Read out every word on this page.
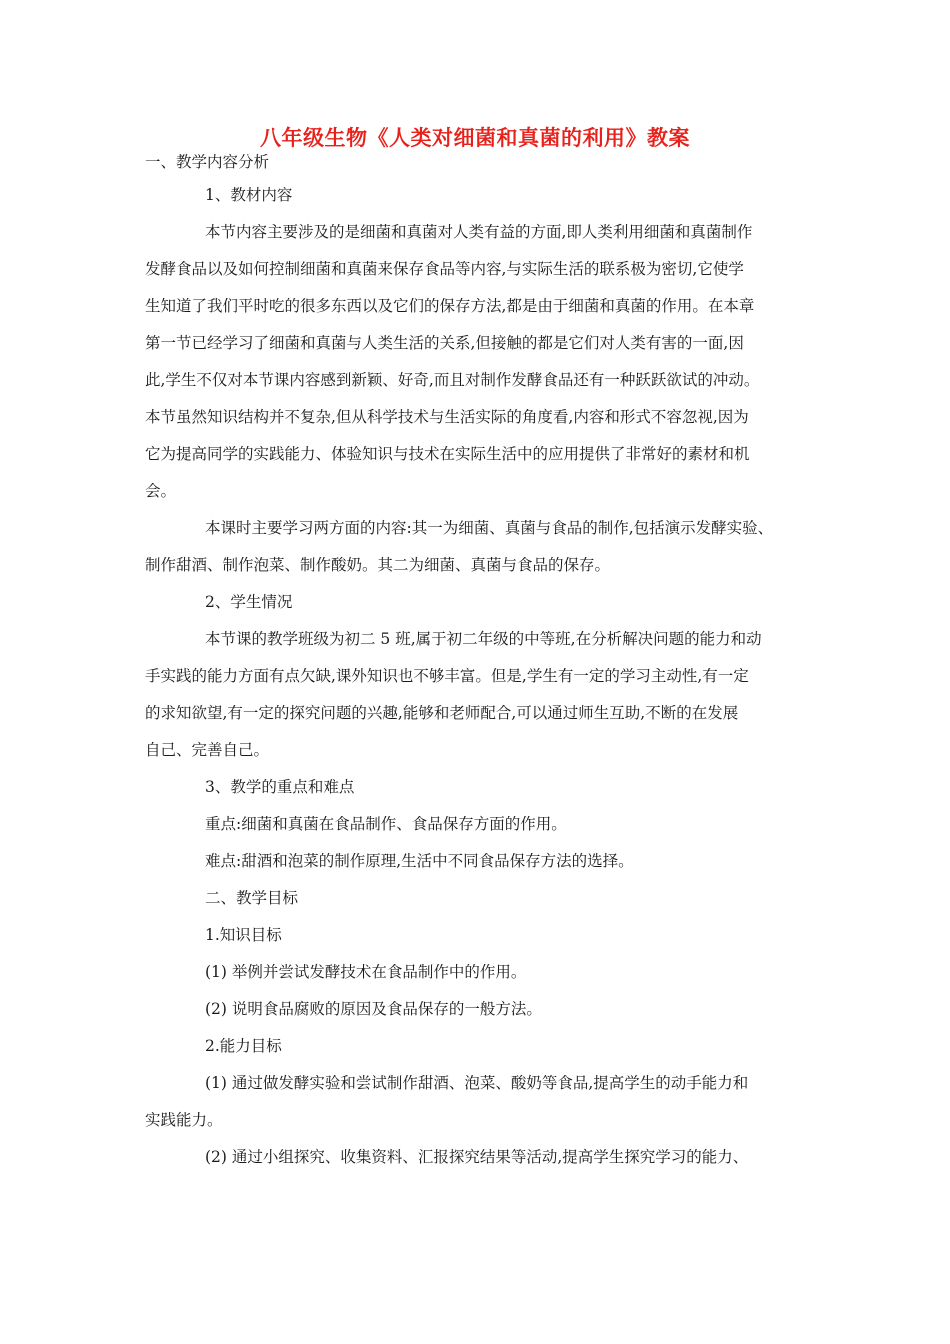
八年级生物《人类对细菌和真菌的利用》教案
一、教学内容分析
1、教材内容
本节内容主要涉及的是细菌和真菌对人类有益的方面,即人类利用细菌和真菌制作
发酵食品以及如何控制细菌和真菌来保存食品等内容,与实际生活的联系极为密切,它使学
生知道了我们平时吃的很多东西以及它们的保存方法,都是由于细菌和真菌的作用。在本章
第一节已经学习了细菌和真菌与人类生活的关系,但接触的都是它们对人类有害的一面,因
此,学生不仅对本节课内容感到新颖、好奇,而且对制作发酵食品还有一种跃跃欲试的冲动。
本节虽然知识结构并不复杂,但从科学技术与生活实际的角度看,内容和形式不容忽视,因为
它为提高同学的实践能力、体验知识与技术在实际生活中的应用提供了非常好的素材和机
会。
本课时主要学习两方面的内容:其一为细菌、真菌与食品的制作,包括演示发酵实验、
制作甜酒、制作泡菜、制作酸奶。其二为细菌、真菌与食品的保存。
2、学生情况
本节课的教学班级为初二 5 班,属于初二年级的中等班,在分析解决问题的能力和动
手实践的能力方面有点欠缺,课外知识也不够丰富。但是,学生有一定的学习主动性,有一定
的求知欲望,有一定的探究问题的兴趣,能够和老师配合,可以通过师生互助,不断的在发展
自己、完善自己。
3、教学的重点和难点
重点:细菌和真菌在食品制作、食品保存方面的作用。
难点:甜酒和泡菜的制作原理,生活中不同食品保存方法的选择。
二、教学目标
1.知识目标
(1) 举例并尝试发酵技术在食品制作中的作用。
(2) 说明食品腐败的原因及食品保存的一般方法。
2.能力目标
(1) 通过做发酵实验和尝试制作甜酒、泡菜、酸奶等食品,提高学生的动手能力和
实践能力。
(2) 通过小组探究、收集资料、汇报探究结果等活动,提高学生探究学习的能力、
